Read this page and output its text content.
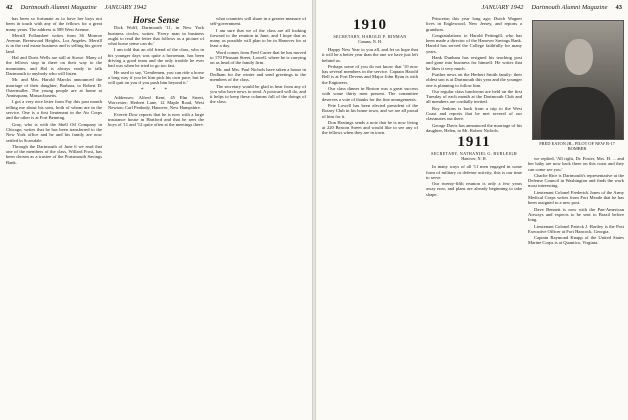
42 Dartmouth Alumni Magazine JANUARY 1942

has been so fortunate as to have her boys not been in touch with any of the fellows for a great many years. The address is 589 West Avenue.

Merrill Follansbee writes from 36 Monroe Avenue, Brentwood Heights, Los Angeles. Merrill is in the real estate business and is selling his grove land.

Hal and Doris Wells are still at Stowe. Many of the fellows stop in there on their way to the mountains, and Hal is always ready to talk Dartmouth to anybody who will listen.

Mr. and Mrs. Harold Marcks announced the marriage of their daughter, Barbara, to Robert D. Ostermuller. The young people are at home at Annisquam, Massachusetts.

I got a very nice letter from Fay this past month telling me about his sons, both of whom are in the service. One is a first lieutenant in the Air Corps and the other is at Fort Benning.

Gray, who is with the Shell Oil Company in Chicago, writes that he has been transferred to the New York office and he and his family are now settled in Scarsdale.

Through the Dartmouth of June 6 we read that one of the members of the class, Willard Frost, has been chosen as a trustee of the Portsmouth Savings Bank.

Horse Sense

Dick Wolff, Dartmouth '11, in New York business circles, writes: 'Every man in business ought to read the letter that follows as a picture of what horse sense can do.'

I am told that an old friend of the class, who in his younger days was quite a horseman, has been driving a good team and the only trouble he ever had was when he tried to go too fast.

He used to say, 'Gentlemen, you can ride a horse a long way if you let him pick his own pace, but he will quit on you if you push him beyond it.'

* * *

Addresses: Alfred Kent, 45 Elm Street, Worcester; Herbert Lane, 12 Maple Road, West Newton; Carl Peabody, Hanover, New Hampshire.

Everett Dow reports that he is now with a large insurance house in Hartford and that he sees the boys of '11 and '12 quite often at the meetings there.

what countries will share in a greater measure of self-government.

I am sure that we of the class are all looking forward to the reunion in June, and I hope that as many as possible will plan to be in Hanover for at least a day.

Word comes from Fred Carter that he has moved to 170 Pleasant Street, Lowell, where he is carrying on as head of the family firm.

Mr. and Mrs. Paul Nichols have taken a house in Dedham for the winter and send greetings to the members of the class.

The secretary would be glad to hear from any of you who have news to send. A postcard will do, and it helps to keep these columns full of the doings of the class.

JANUARY 1942 Dartmouth Alumni Magazine 43
1910
SECRETARY, HAROLD P. HINMAN
Canaan, N. H.

Happy New Year to you all, and let us hope that it will be a better year than the one we have just left behind us.

Perhaps some of you do not know that '10 now has several members in the service. Captain Harold Bell is at Fort Devens and Major John Ryan is with the Engineers.

Our class dinner in Boston was a great success with some thirty men present. The committee deserves a vote of thanks for the fine arrangements.

Pete Lowell has been elected president of the Rotary Club in his home town, and we are all proud of him for it.

Don Hastings sends a note that he is now living at 220 Beacon Street and would like to see any of the fellows when they are in town.

Princeton this year long ago; Dutch Wagner lives in Englewood, New Jersey, and reports a grandson.

Congratulations to Harold Pettingill, who has been made a director of the Hanover Savings Bank. Harold has served the College faithfully for many years.

Hank Dunham has resigned his teaching post and gone into business for himself. He writes that he likes it very much.

Further news on the Herbert Smith family: their oldest son is at Dartmouth this year and the younger one is planning to follow him.

Our regular class luncheons are held on the first Tuesday of each month at the Dartmouth Club and all members are cordially invited.

Roy Jenkins is back from a trip to the West Coast and reports that he met several of our classmates out there.

George Davis has announced the marriage of his daughter, Helen, to Mr. Robert Nichols.

1911
SECRETARY, NATHANIEL G. BURLEIGH
Hanover, N. H.

In many ways of all '11 men engaged in some form of military or defense activity, this is our time to serve.

Our twenty-fifth reunion is only a few years away now, and plans are already beginning to take shape.

FRED EATON JR., PILOT OF NEW B-17 BOMBER

we replied, 'All right, Dr. Foster, Mrs. H. ... and her baby are now back there on this coast and they can come see you.'

Charlie Rice is Dartmouth's representative at the Defense Council in Washington and finds the work most interesting.

Lieutenant Colonel Frederick Jones of the Army Medical Corps writes from Fort Meade that he has been assigned to a new post.

Dave Bennett is now with the Pan-American Airways and expects to be sent to Brazil before long.

Lieutenant Colonel Patrick J. Hartley is the Post Executive Officer at Fort Hancock, Georgia.

Captain Raymond Knapp of the United States Marine Corps is at Quantico, Virginia.
